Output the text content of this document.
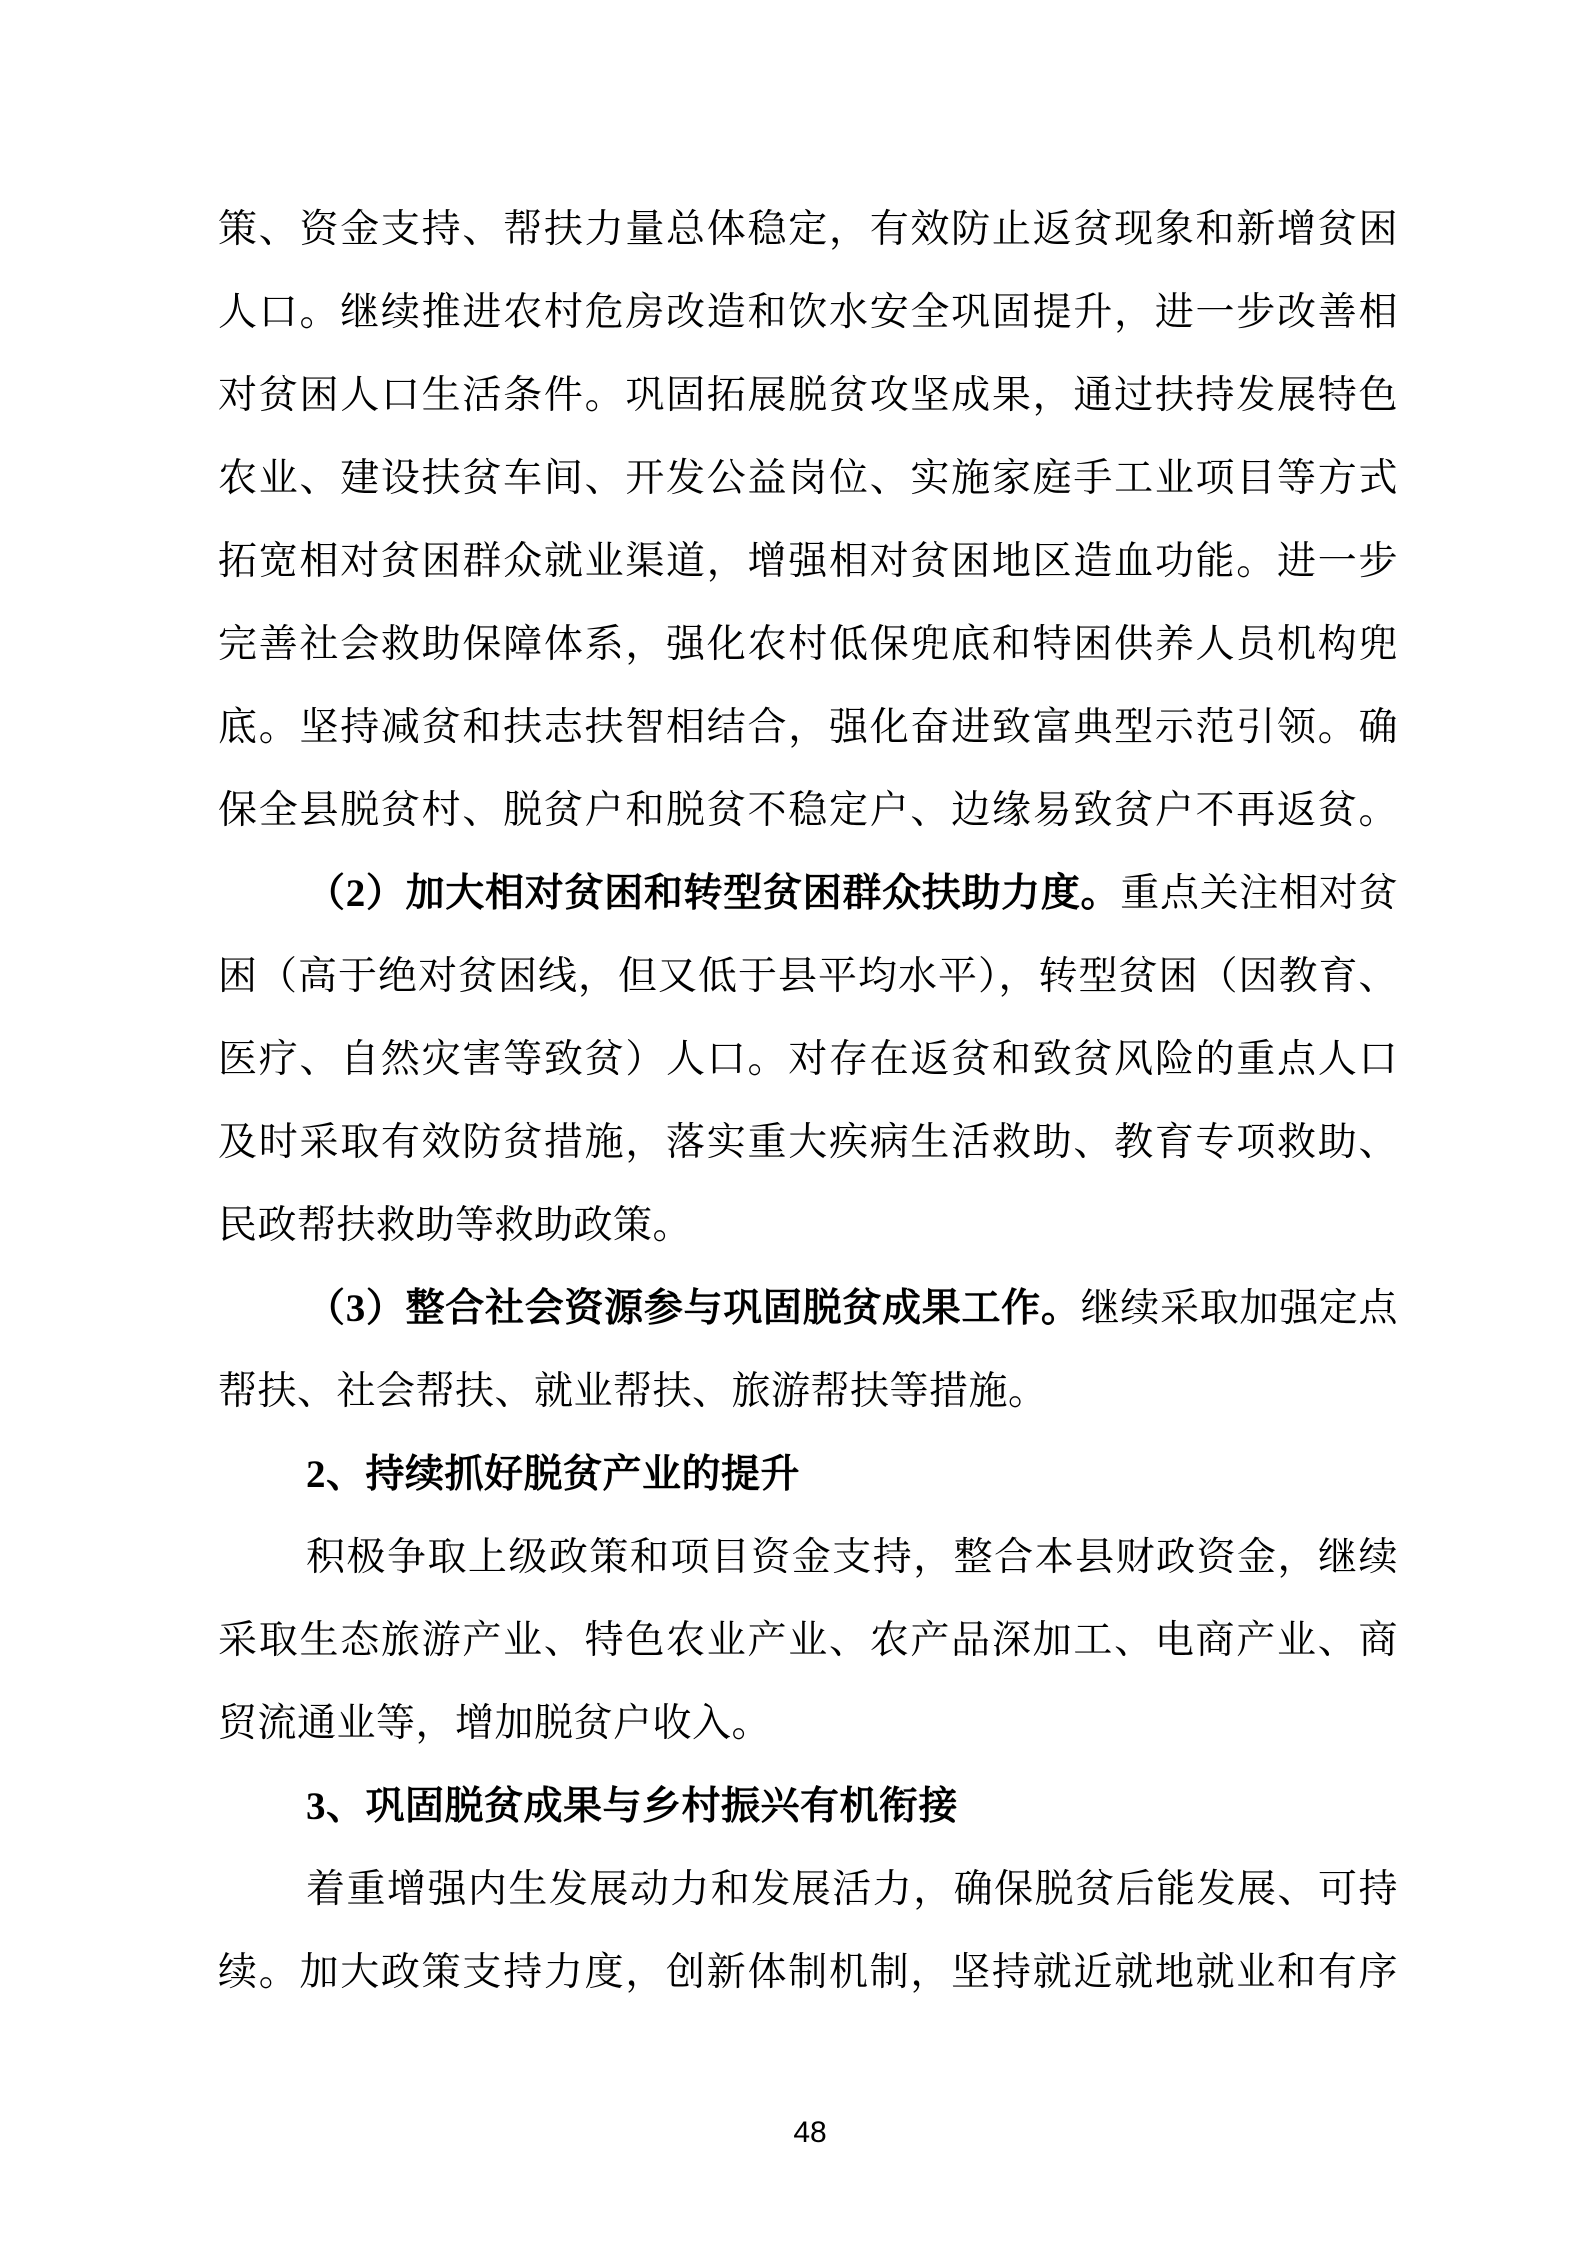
策、资金支持、帮扶力量总体稳定，有效防止返贫现象和新增贫困
人口。继续推进农村危房改造和饮水安全巩固提升，进一步改善相
对贫困人口生活条件。巩固拓展脱贫攻坚成果，通过扶持发展特色
农业、建设扶贫车间、开发公益岗位、实施家庭手工业项目等方式
拓宽相对贫困群众就业渠道，增强相对贫困地区造血功能。进一步
完善社会救助保障体系，强化农村低保兜底和特困供养人员机构兜
底。坚持减贫和扶志扶智相结合，强化奋进致富典型示范引领。确
保全县脱贫村、脱贫户和脱贫不稳定户、边缘易致贫户不再返贫。
（2）加大相对贫困和转型贫困群众扶助力度。重点关注相对贫
困（高于绝对贫困线，但又低于县平均水平），转型贫困（因教育、
医疗、自然灾害等致贫）人口。对存在返贫和致贫风险的重点人口
及时采取有效防贫措施，落实重大疾病生活救助、教育专项救助、
民政帮扶救助等救助政策。
（3）整合社会资源参与巩固脱贫成果工作。继续采取加强定点
帮扶、社会帮扶、就业帮扶、旅游帮扶等措施。
2、持续抓好脱贫产业的提升
积极争取上级政策和项目资金支持，整合本县财政资金，继续
采取生态旅游产业、特色农业产业、农产品深加工、电商产业、商
贸流通业等，增加脱贫户收入。
3、巩固脱贫成果与乡村振兴有机衔接
着重增强内生发展动力和发展活力，确保脱贫后能发展、可持
续。加大政策支持力度，创新体制机制，坚持就近就地就业和有序
48
